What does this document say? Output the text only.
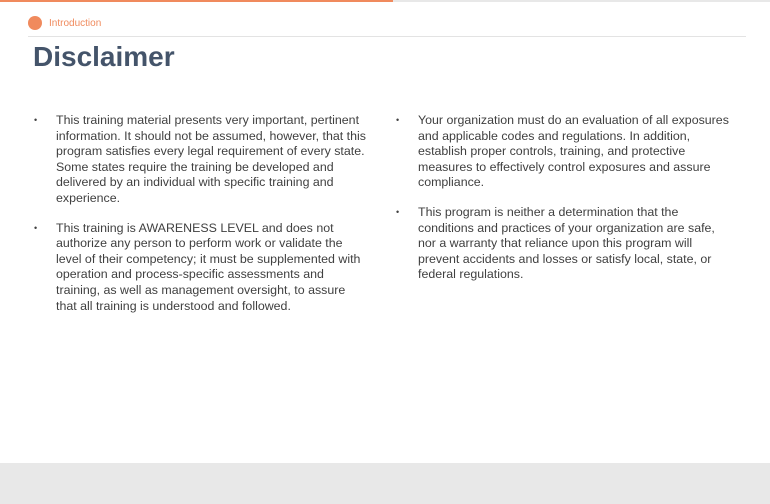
Introduction
Disclaimer
•	This training material presents very important, pertinent information. It should not be assumed, however, that this program satisfies every legal requirement of every state. Some states require the training be developed and delivered by an individual with specific training and experience.
•	This training is AWARENESS LEVEL and does not authorize any person to perform work or validate the level of their competency; it must be supplemented with operation and process-specific assessments and training, as well as management oversight, to assure that all training is understood and followed.
•	Your organization must do an evaluation of all exposures and applicable codes and regulations. In addition, establish proper controls, training, and protective measures to effectively control exposures and assure compliance.
•	This program is neither a determination that the conditions and practices of your organization are safe, nor a warranty that reliance upon this program will prevent accidents and losses or satisfy local, state, or federal regulations.
